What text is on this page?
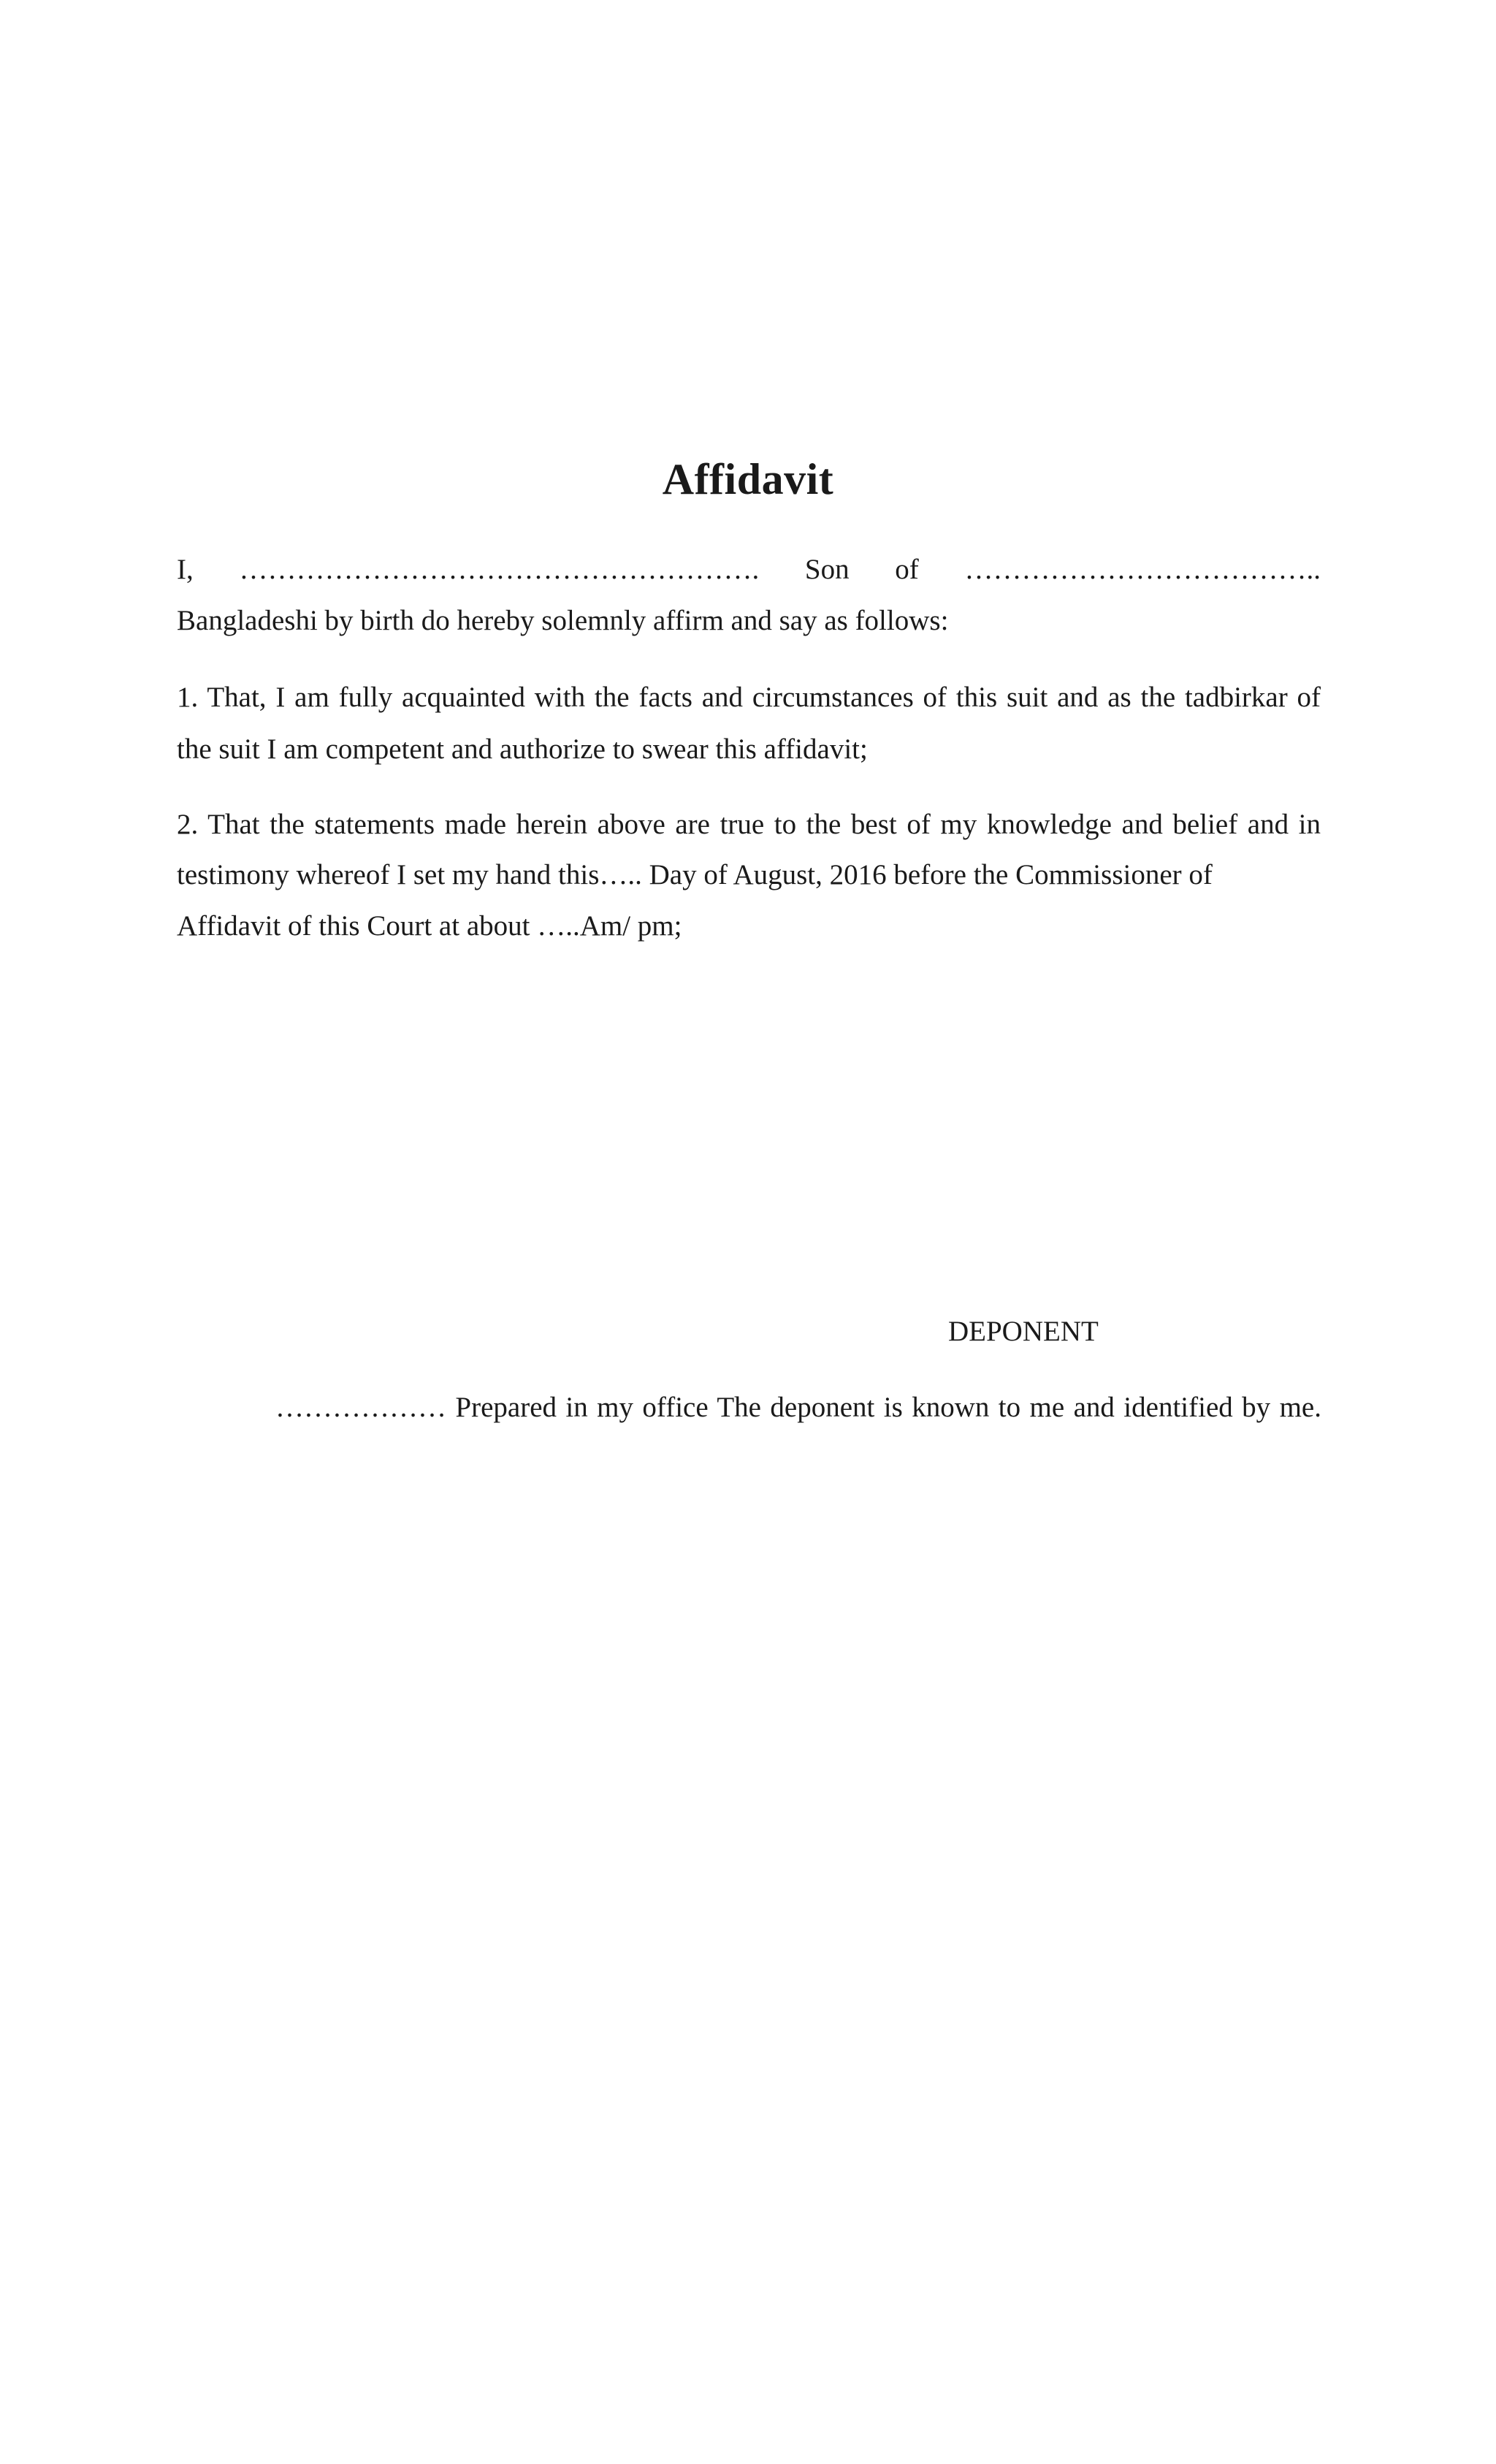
Affidavit
I, ………………………………………………. Son of ………………………………..
Bangladeshi by birth do hereby solemnly affirm and say as follows:
1. That, I am fully acquainted with the facts and circumstances of this suit and as the tadbirkar of
the suit I am competent and authorize to swear this affidavit;
2. That the statements made herein above are true to the best of my knowledge and belief and in
testimony whereof I set my hand this….. Day of August, 2016 before the Commissioner of
Affidavit of this Court at about …..Am/ pm;
DEPONENT
……………… Prepared in my office The deponent is known to me and identified by me.
